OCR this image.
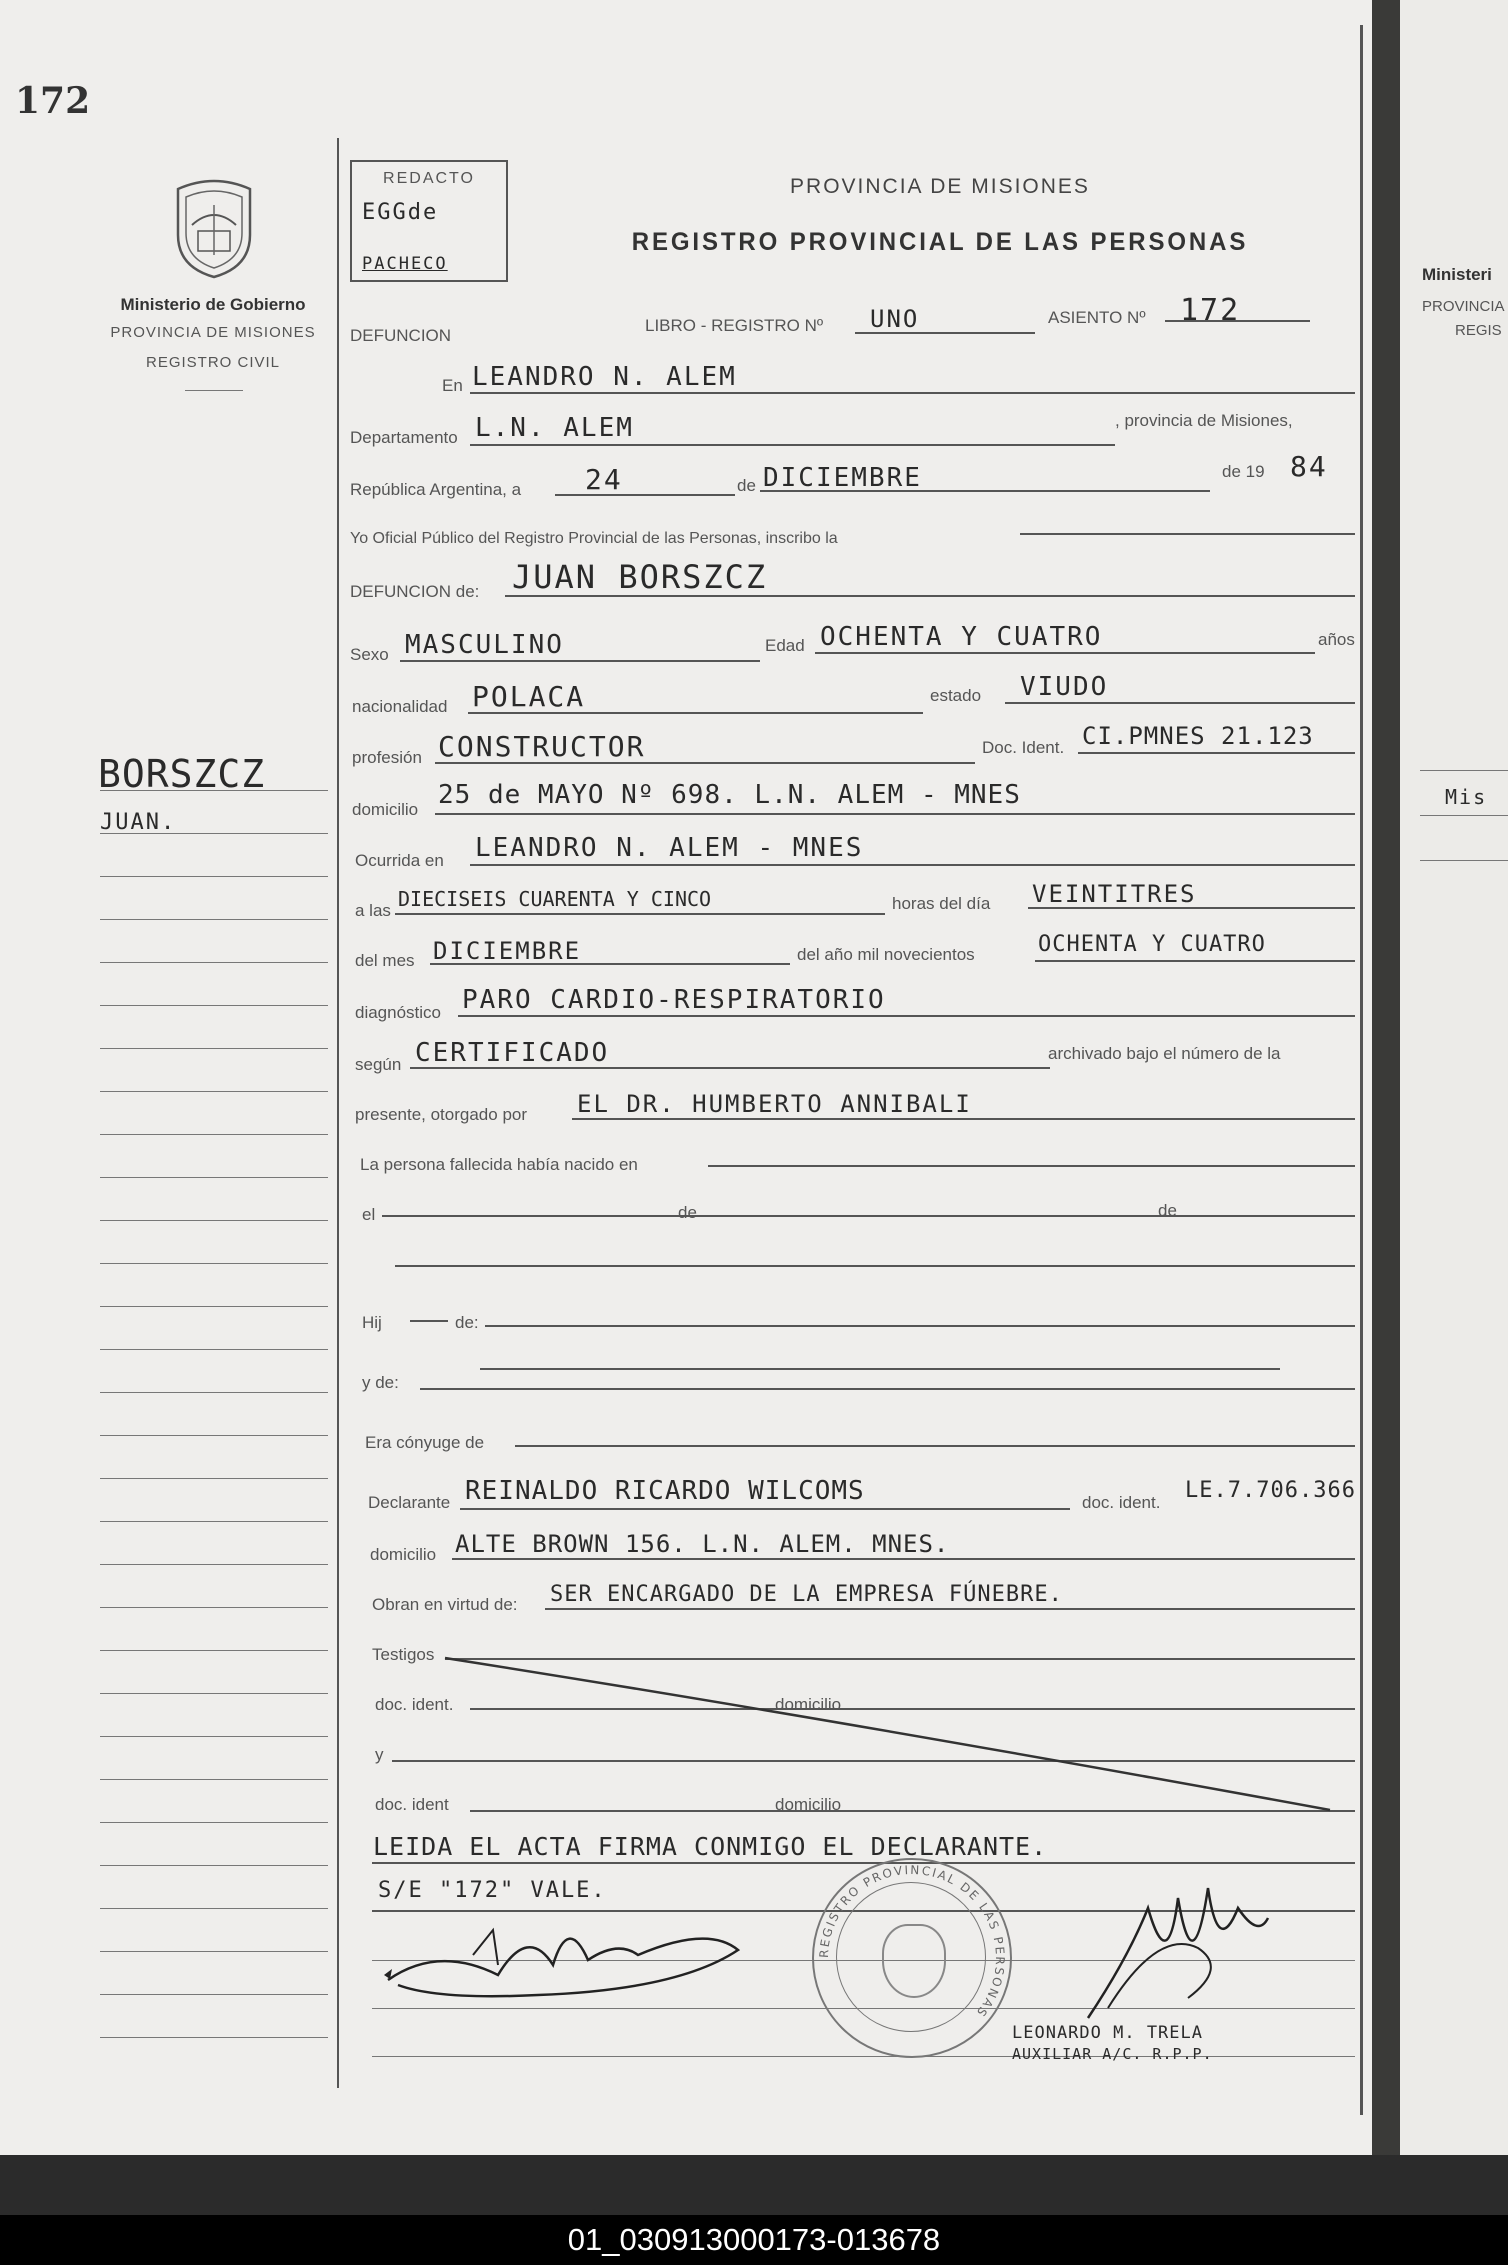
Ministeri
PROVINCIA
REGIS
Mis
172
Ministerio de Gobierno
PROVINCIA DE MISIONES
REGISTRO CIVIL
REDACTO
EGGde
PACHECO
PROVINCIA DE MISIONES
REGISTRO PROVINCIAL DE LAS PERSONAS
DEFUNCION
LIBRO - REGISTRO Nº UNO	ASIENTO Nº 172
En LEANDRO N. ALEM
Departamento L.N. ALEM	, provincia de Misiones,
República Argentina, a 24	de DICIEMBRE	de 19 84
Yo Oficial Público del Registro Provincial de las Personas, inscribo la
DEFUNCION de: JUAN BORSZCZ
Sexo MASCULINO	Edad OCHENTA Y CUATRO	años
nacionalidad POLACA	estado VIUDO
profesión CONSTRUCTOR	Doc. Ident. CI.PMNES 21.123
domicilio 25 de MAYO Nº 698. L.N. ALEM - MNES
Ocurrida en LEANDRO N. ALEM - MNES
a las DIECISEIS CUARENTA Y CINCO	horas del día VEINTITRES
del mes DICIEMBRE	del año mil novecientos	OCHENTA Y CUATRO
diagnóstico PARO CARDIO-RESPIRATORIO
según CERTIFICADO	archivado bajo el número de la
presente, otorgado por EL DR. HUMBERTO ANNIBALI
La persona fallecida había nacido en
el	de	de
Hij	de:
y de:
Era cónyuge de
Declarante REINALDO RICARDO WILCOMS	doc. ident. LE.7.706.366
domicilio ALTE BROWN 156. L.N. ALEM. MNES.
Obran en virtud de: SER ENCARGADO DE LA EMPRESA FÚNEBRE.
Testigos
doc. ident.	domicilio
y
doc. ident	domicilio
LEIDA EL ACTA FIRMA CONMIGO EL DECLARANTE.
S/E "172" VALE.
REGISTRO PROVINCIAL DE LAS PERSONAS
LEONARDO M. TRELA
AUXILIAR A/C. R.P.P.
BORSZCZ
JUAN.
01_030913000173-013678
